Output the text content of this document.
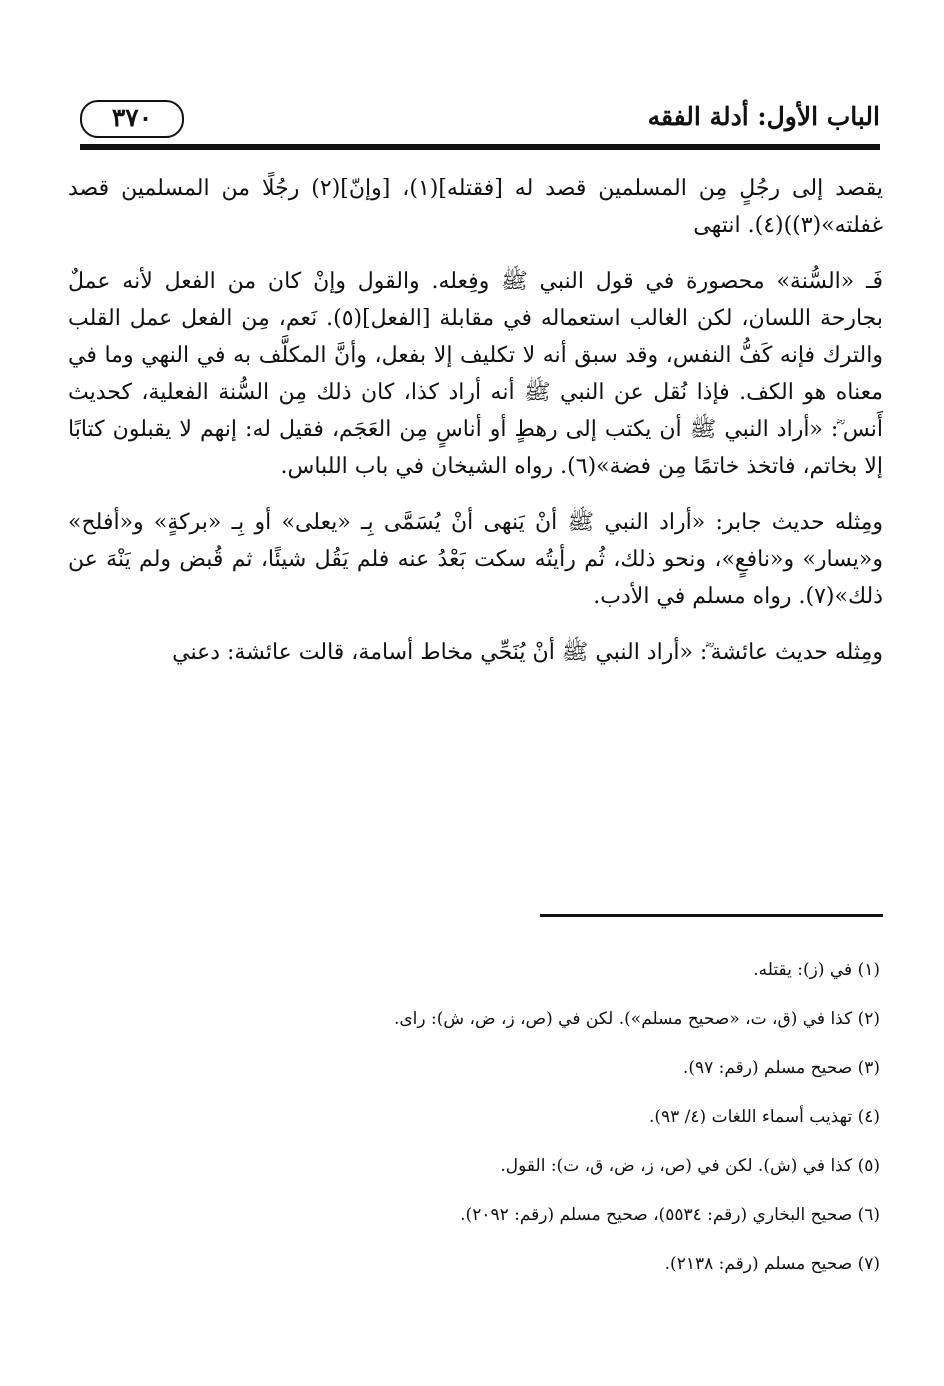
٣٧٠	الباب الأول: أدلة الفقه

يقصد إلى رجُلٍ مِن المسلمين قصد له [فقتله](١)، [وإنّ](٢) رجُلًا من المسلمين قصد غفلته»(٣))(٤). انتهى

فَـ «السُّنة» محصورة في قول النبي ﷺ وفِعله. والقول وإنْ كان من الفعل لأنه عملٌ بجارحة اللسان، لكن الغالب استعماله في مقابلة [الفعل](٥). نَعم، مِن الفعل عمل القلب والترك فإنه كَفُّ النفس، وقد سبق أنه لا تكليف إلا بفعل، وأنَّ المكلَّف به في النهي وما في معناه هو الكف. فإذا نُقل عن النبي ﷺ أنه أراد كذا، كان ذلك مِن السُّنة الفعلية، كحديث أَنس ؓ: «أراد النبي ﷺ أن يكتب إلى رهطٍ أو أناسٍ مِن العَجَم، فقيل له: إنهم لا يقبلون كتابًا إلا بخاتم، فاتخذ خاتمًا مِن فضة»(٦). رواه الشيخان في باب اللباس.

ومِثله حديث جابر: «أراد النبي ﷺ أنْ يَنهى أنْ يُسَمَّى بِـ «يعلى» أو بِـ «بركةٍ» و«أفلح» و«يسار» و«نافعٍ»، ونحو ذلك، ثُم رأيتُه سكت بَعْدُ عنه فلم يَقُل شيئًا، ثم قُبض ولم يَنْهَ عن ذلك»(٧). رواه مسلم في الأدب.

ومِثله حديث عائشة ؓ: «أراد النبي ﷺ أنْ يُنَحِّي مخاط أسامة، قالت عائشة: دعني

(١) في (ز): يقتله.

(٢) كذا في (ق، ت، «صحيح مسلم»). لكن في (ص، ز، ض، ش): راى.

(٣) صحيح مسلم (رقم: ٩٧).

(٤) تهذيب أسماء اللغات (٤/ ٩٣).

(٥) كذا في (ش). لكن في (ص، ز، ض، ق، ت): القول.

(٦) صحيح البخاري (رقم: ٥٥٣٤)، صحيح مسلم (رقم: ٢٠٩٢).

(٧) صحيح مسلم (رقم: ٢١٣٨).
